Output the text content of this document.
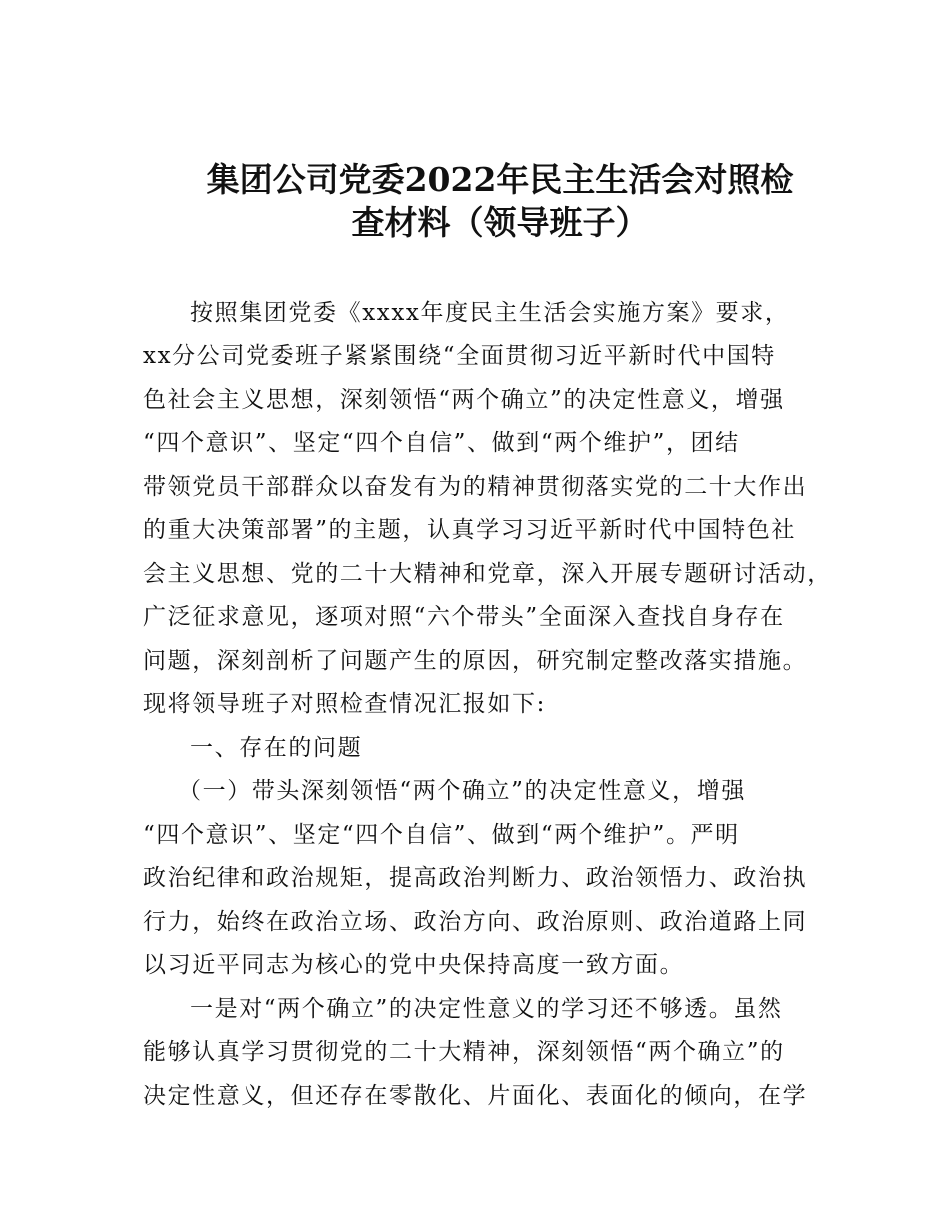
集团公司党委2022年民主生活会对照检
查材料（领导班子）
按照集团党委《xxxx年度民主生活会实施方案》要求，
xx分公司党委班子紧紧围绕“全面贯彻习近平新时代中国特
色社会主义思想，深刻领悟“两个确立”的决定性意义，增强
“四个意识”、坚定“四个自信”、做到“两个维护”，团结
带领党员干部群众以奋发有为的精神贯彻落实党的二十大作出
的重大决策部署”的主题，认真学习习近平新时代中国特色社
会主义思想、党的二十大精神和党章，深入开展专题研讨活动，
广泛征求意见，逐项对照“六个带头”全面深入查找自身存在
问题，深刻剖析了问题产生的原因，研究制定整改落实措施。
现将领导班子对照检查情况汇报如下:
一、存在的问题
（一）带头深刻领悟“两个确立”的决定性意义，增强
“四个意识”、坚定“四个自信”、做到“两个维护”。严明
政治纪律和政治规矩，提高政治判断力、政治领悟力、政治执
行力，始终在政治立场、政治方向、政治原则、政治道路上同
以习近平同志为核心的党中央保持高度一致方面。
一是对“两个确立”的决定性意义的学习还不够透。虽然
能够认真学习贯彻党的二十大精神，深刻领悟“两个确立”的
决定性意义，但还存在零散化、片面化、表面化的倾向，在学
